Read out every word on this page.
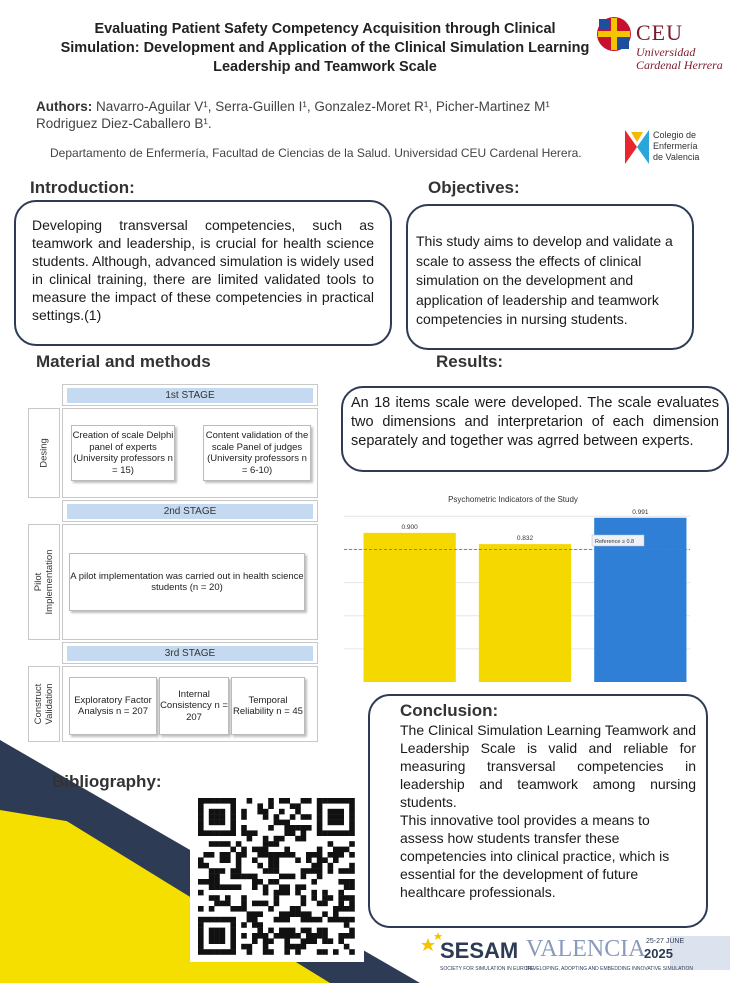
Evaluating Patient Safety Competency Acquisition through Clinical Simulation: Development and Application of the Clinical Simulation Learning Leadership and Teamwork Scale
CEU
Universidad
Cardenal Herrera
Authors: Navarro-Aguilar V¹, Serra-Guillen I¹, Gonzalez-Moret R¹, Picher-Martinez M¹
Rodriguez Diez-Caballero B¹.
Departamento de Enfermería, Facultad de Ciencias de la Salud. Universidad CEU Cardenal Herera.
Colegio de
Enfermería
de Valencia
Introduction:
Developing transversal competencies, such as teamwork and leadership, is crucial for health science students. Although, advanced simulation is widely used in clinical training, there are limited validated tools to measure the impact of these competencies in practical settings.(1)
Objectives:
This study aims to develop and validate a scale to assess the effects of clinical simulation on the development and application of leadership and teamwork competencies in nursing students.
Material and methods
1st STAGE
Desing
Creation of scale Delphi panel of experts (University professors n = 15)
Content validation of the scale Panel of judges (University professors n = 6-10)
2nd STAGE
Pilot Implementation A pilot implementation was carried out in health science students (n = 20)
3rd STAGE
Construct Validation	Exploratory Factor Analysis n = 207
Internal Consistency n = 207
Temporal Reliability n = 45
Results:
An 18 items scale were developed. The scale evaluates two dimensions and interpretarion of each dimension separately and together was agrred between experts.
Psychometric Indicators of the Study
0.900
0.832
0.991
Reference ≥ 0.8
Conclusion:

The Clinical Simulation Learning Teamwork and Leadership Scale is valid and reliable for measuring transversal competencies in leadership and teamwork among nursing students.

This innovative tool provides a means to assess how students transfer these competencies into clinical practice, which is essential for the development of future healthcare professionals.

Bibliography:
SESAM VALENCIA 25-27 JUNE
2025
SOCIETY FOR SIMULATION IN EUROPE
DEVELOPING, ADOPTING AND EMBEDDING INNOVATIVE SIMULATION
